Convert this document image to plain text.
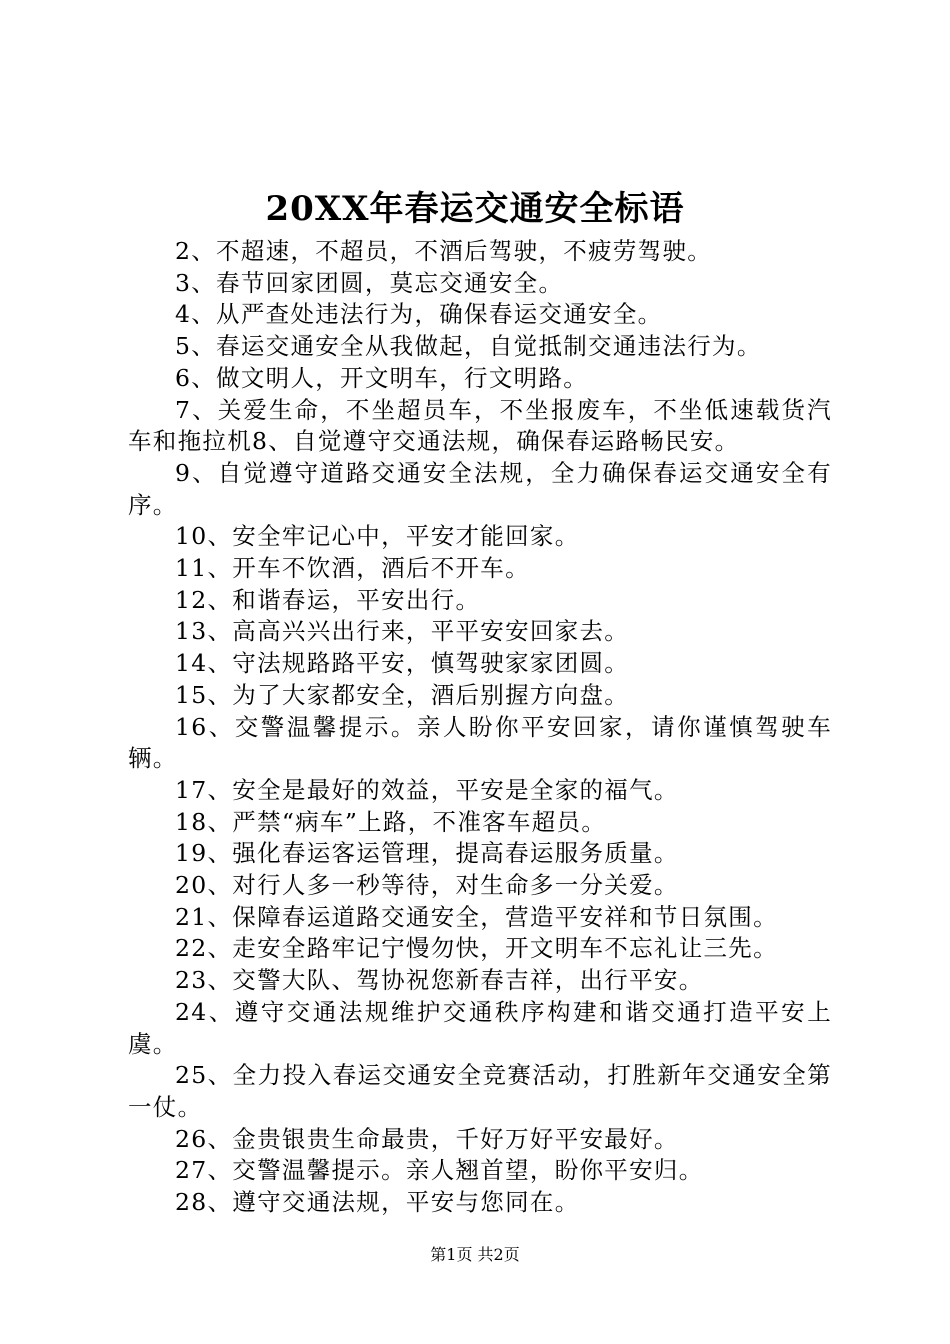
20XX年春运交通安全标语

2、不超速，不超员，不酒后驾驶，不疲劳驾驶。

3、春节回家团圆，莫忘交通安全。

4、从严查处违法行为，确保春运交通安全。

5、春运交通安全从我做起，自觉抵制交通违法行为。

6、做文明人，开文明车，行文明路。

7、关爱生命，不坐超员车，不坐报废车，不坐低速载货汽车和拖拉机8、自觉遵守交通法规，确保春运路畅民安。

9、自觉遵守道路交通安全法规，全力确保春运交通安全有序。

10、安全牢记心中，平安才能回家。

11、开车不饮酒，酒后不开车。

12、和谐春运，平安出行。

13、高高兴兴出行来，平平安安回家去。

14、守法规路路平安，慎驾驶家家团圆。

15、为了大家都安全，酒后别握方向盘。

16、交警温馨提示。亲人盼你平安回家，请你谨慎驾驶车辆。

17、安全是最好的效益，平安是全家的福气。

18、严禁“病车”上路，不准客车超员。

19、强化春运客运管理，提高春运服务质量。

20、对行人多一秒等待，对生命多一分关爱。

21、保障春运道路交通安全，营造平安祥和节日氛围。

22、走安全路牢记宁慢勿快，开文明车不忘礼让三先。

23、交警大队、驾协祝您新春吉祥，出行平安。

24、遵守交通法规维护交通秩序构建和谐交通打造平安上虞。

25、全力投入春运交通安全竞赛活动，打胜新年交通安全第一仗。

26、金贵银贵生命最贵，千好万好平安最好。

27、交警温馨提示。亲人翘首望，盼你平安归。

28、遵守交通法规，平安与您同在。

第1页 共2页
